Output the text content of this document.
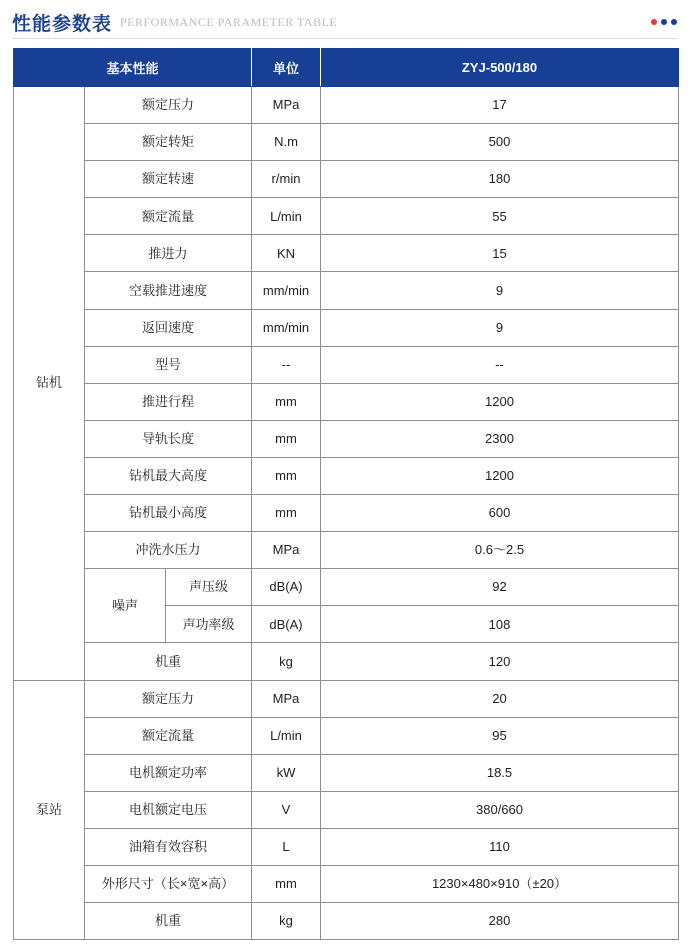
性能参数表 PERFORMANCE PARAMETER TABLE
基本性能			单位	ZYJ-500/180
钻机	额定压力		MPa	17
	额定转矩		N.m	500
	额定转速		r/min	180
	额定流量		L/min	55
	推进力		KN	15
	空载推进速度		mm/min	9
	返回速度		mm/min	9
	型号		--	--
	推进行程		mm	1200
	导轨长度		mm	2300
	钻机最大高度		mm	1200
	钻机最小高度		mm	600
	冲洗水压力		MPa	0.6～2.5
	噪声	声压级	dB(A)	92
		声功率级	dB(A)	108
	机重		kg	120
泵站	额定压力		MPa	20
	额定流量		L/min	95
	电机额定功率		kW	18.5
	电机额定电压		V	380/660
	油箱有效容积		L	110
	外形尺寸（长×宽×高）		mm	1230×480×910（±20）
	机重		kg	280
